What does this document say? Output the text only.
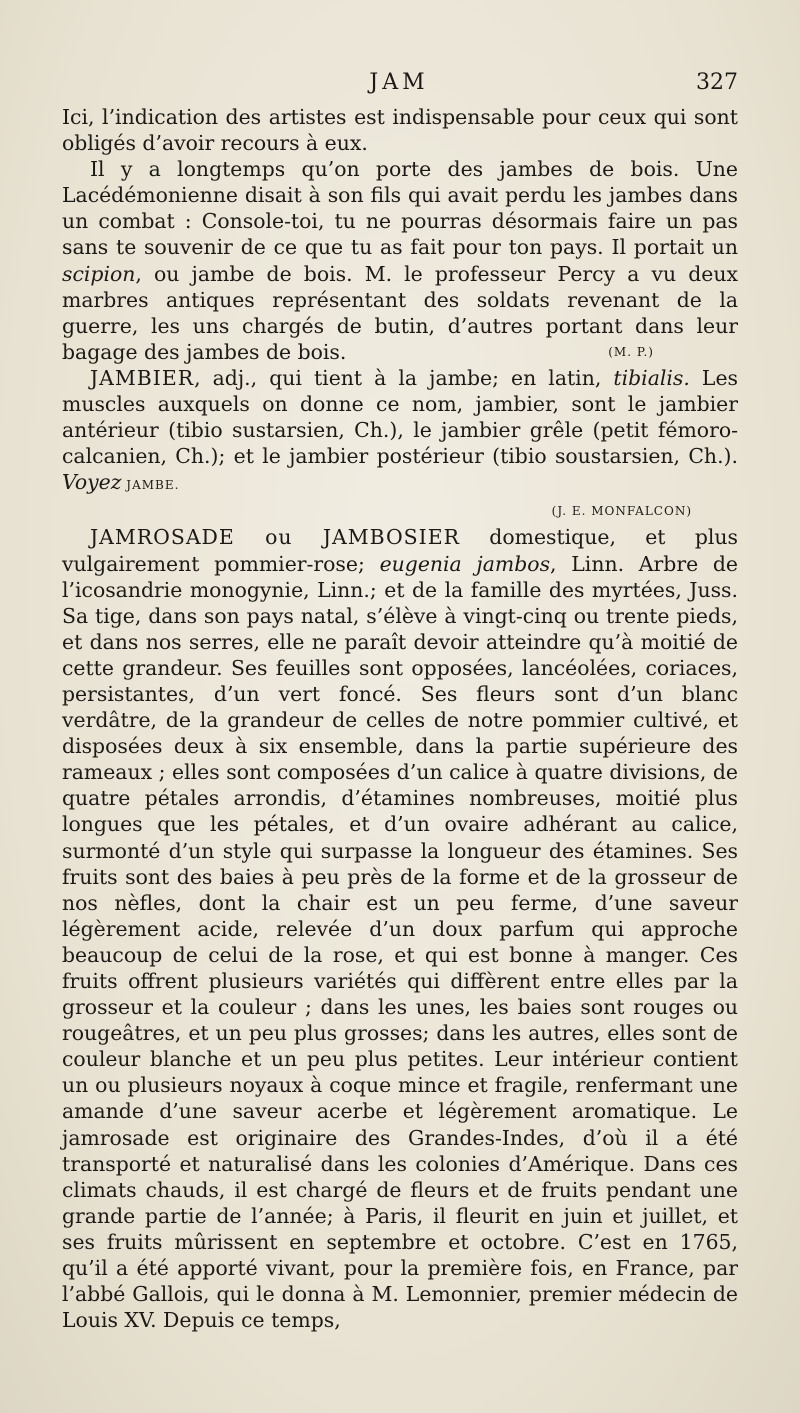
JAM	327

Ici, l’indication des artistes est indispensable pour ceux qui sont obligés d’avoir recours à eux.

Il y a longtemps qu’on porte des jambes de bois. Une Lacédémonienne disait à son fils qui avait perdu les jambes dans un combat : Console-toi, tu ne pourras désormais faire un pas sans te souvenir de ce que tu as fait pour ton pays. Il portait un scipion, ou jambe de bois. M. le professeur Percy a vu deux marbres antiques représentant des soldats revenant de la guerre, les uns chargés de butin, d’autres portant dans leur bagage des jambes de bois.	(M. P.)

JAMBIER, adj., qui tient à la jambe; en latin, tibialis. Les muscles auxquels on donne ce nom, jambier, sont le jambier antérieur (tibio sustarsien, Ch.), le jambier grêle (petit fémoro-calcanien, Ch.); et le jambier postérieur (tibio soustarsien, Ch.). Voyez JAMBE.

(J. E. MONFALCON)

JAMROSADE ou JAMBOSIER domestique, et plus vulgairement pommier-rose; eugenia jambos, Linn. Arbre de l’icosandrie monogynie, Linn.; et de la famille des myrtées, Juss. Sa tige, dans son pays natal, s’élève à vingt-cinq ou trente pieds, et dans nos serres, elle ne paraît devoir atteindre qu’à moitié de cette grandeur. Ses feuilles sont opposées, lancéolées, coriaces, persistantes, d’un vert foncé. Ses fleurs sont d’un blanc verdâtre, de la grandeur de celles de notre pommier cultivé, et disposées deux à six ensemble, dans la partie supérieure des rameaux ; elles sont composées d’un calice à quatre divisions, de quatre pétales arrondis, d’étamines nombreuses, moitié plus longues que les pétales, et d’un ovaire adhérant au calice, surmonté d’un style qui surpasse la longueur des étamines. Ses fruits sont des baies à peu près de la forme et de la grosseur de nos nèfles, dont la chair est un peu ferme, d’une saveur légèrement acide, relevée d’un doux parfum qui approche beaucoup de celui de la rose, et qui est bonne à manger. Ces fruits offrent plusieurs variétés qui diffèrent entre elles par la grosseur et la couleur ; dans les unes, les baies sont rouges ou rougeâtres, et un peu plus grosses; dans les autres, elles sont de couleur blanche et un peu plus petites. Leur intérieur contient un ou plusieurs noyaux à coque mince et fragile, renfermant une amande d’une saveur acerbe et légèrement aromatique. Le jamrosade est originaire des Grandes-Indes, d’où il a été transporté et naturalisé dans les colonies d’Amérique. Dans ces climats chauds, il est chargé de fleurs et de fruits pendant une grande partie de l’année; à Paris, il fleurit en juin et juillet, et ses fruits mûrissent en septembre et octobre. C’est en 1765, qu’il a été apporté vivant, pour la première fois, en France, par l’abbé Gallois, qui le donna à M. Lemonnier, premier médecin de Louis XV. Depuis ce temps,
